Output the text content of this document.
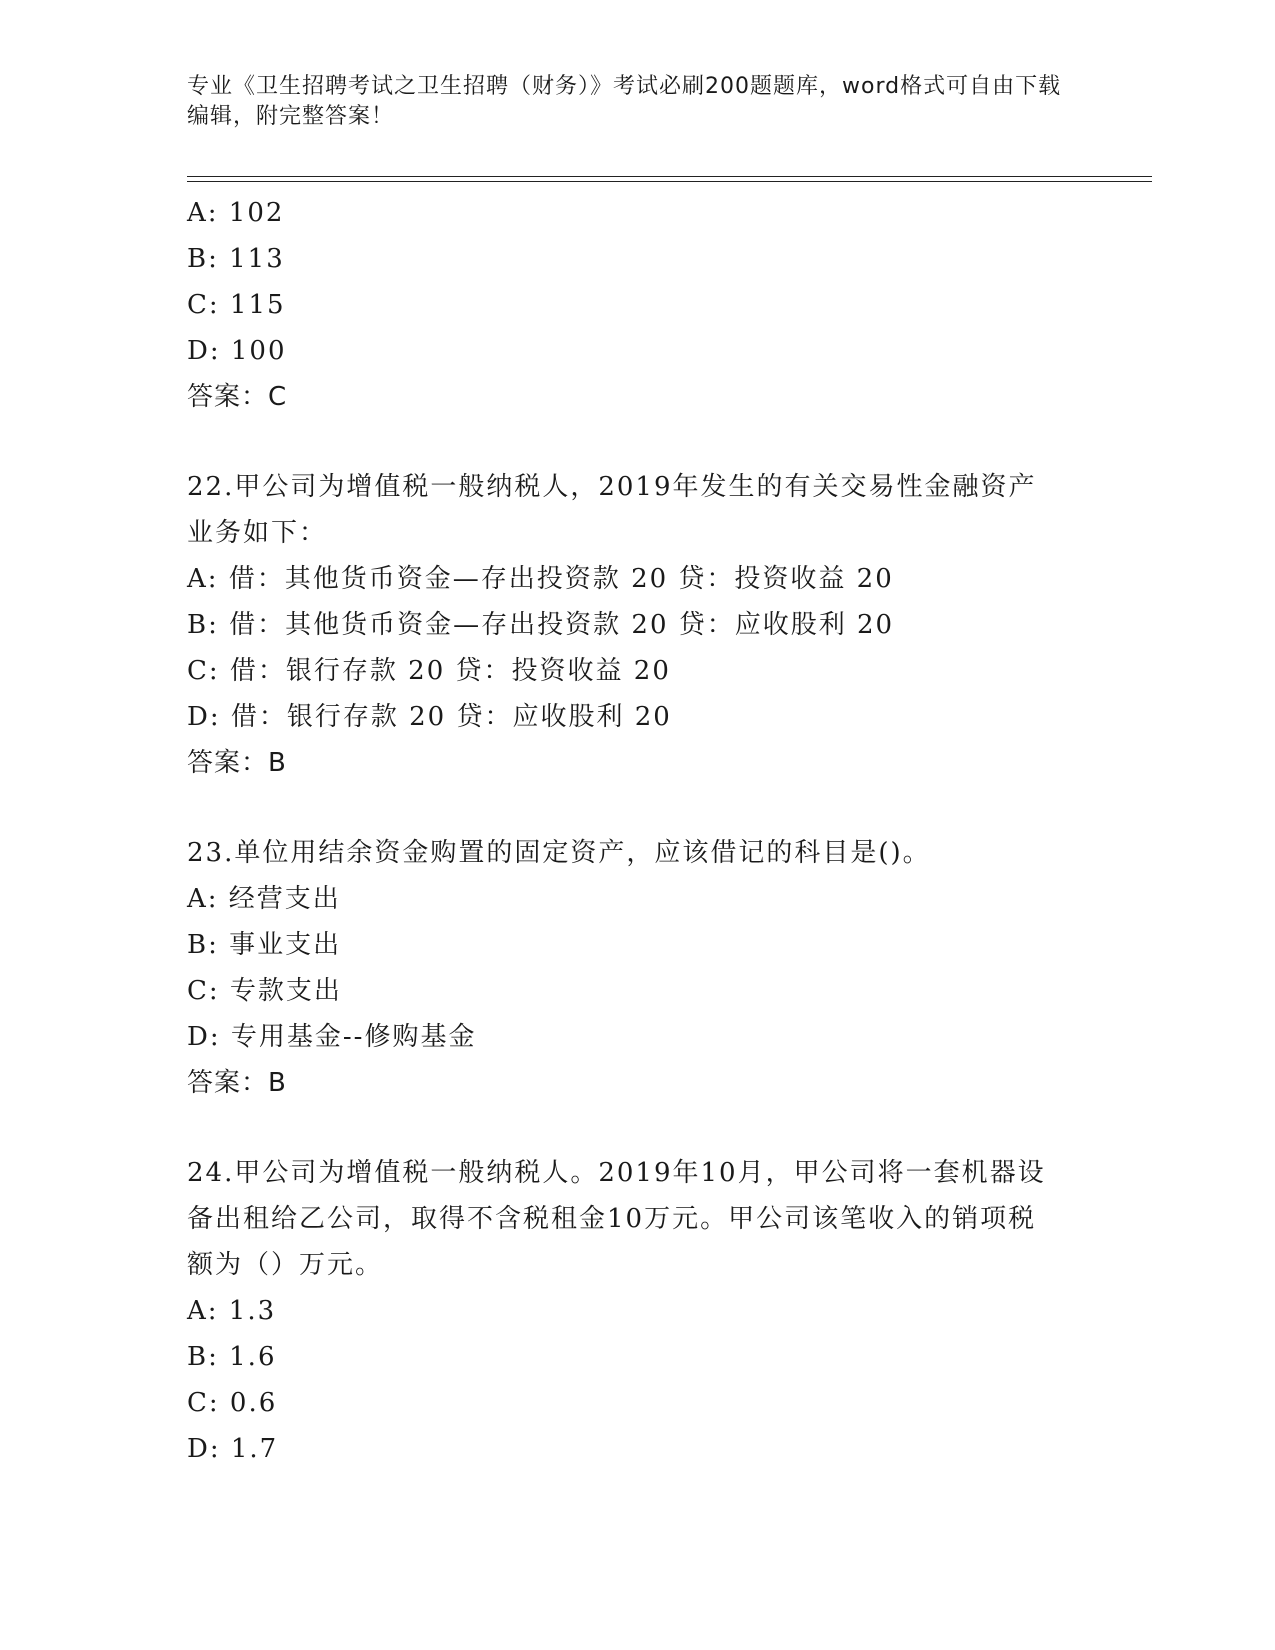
专业《卫生招聘考试之卫生招聘（财务）》考试必刷200题题库，word格式可自由下载编辑，附完整答案！
A: 102
B: 113
C: 115
D: 100
答案：C
22.甲公司为增值税一般纳税人，2019年发生的有关交易性金融资产业务如下：
A: 借：其他货币资金—存出投资款 20 贷：投资收益 20
B: 借：其他货币资金—存出投资款 20 贷：应收股利 20
C: 借：银行存款 20 贷：投资收益 20
D: 借：银行存款 20 贷：应收股利 20
答案：B
23.单位用结余资金购置的固定资产，应该借记的科目是()。
A: 经营支出
B: 事业支出
C: 专款支出
D: 专用基金--修购基金
答案：B
24.甲公司为增值税一般纳税人。2019年10月，甲公司将一套机器设备出租给乙公司，取得不含税租金10万元。甲公司该笔收入的销项税额为（）万元。
A: 1.3
B: 1.6
C: 0.6
D: 1.7
